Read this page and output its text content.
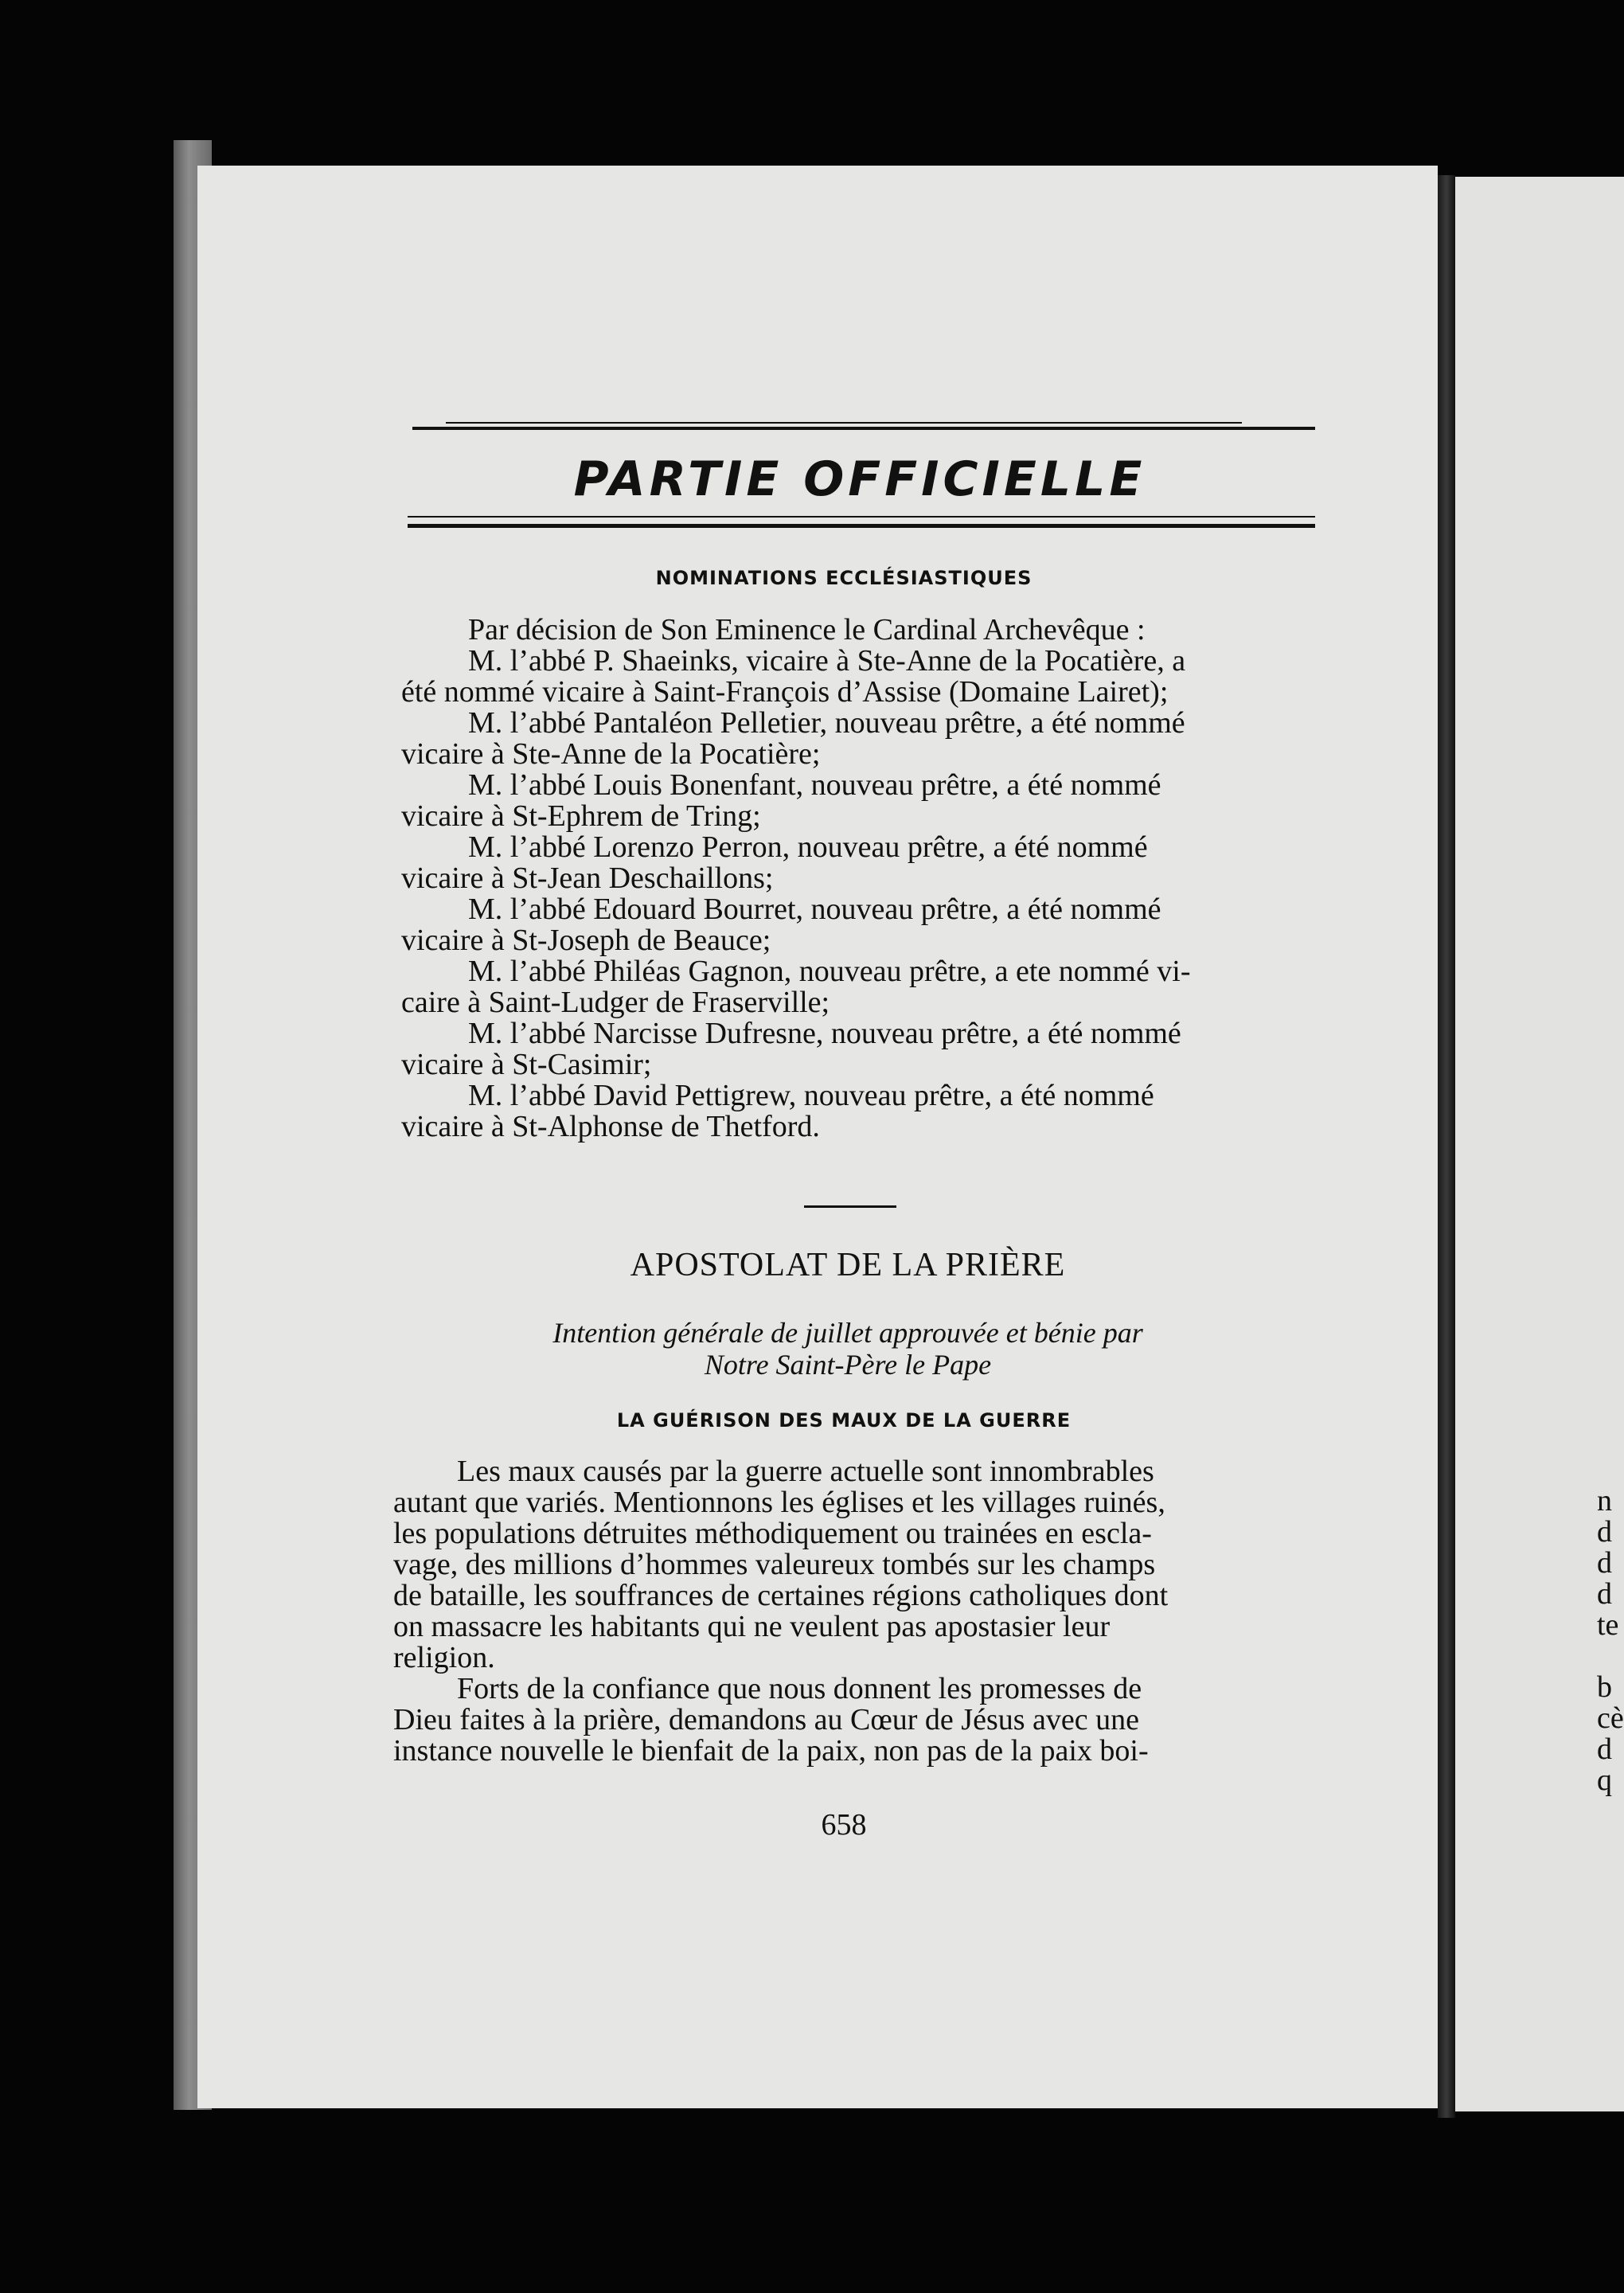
PARTIE OFFICIELLE
NOMINATIONS ECCLÉSIASTIQUES
Par décision de Son Eminence le Cardinal Archevêque :
M. l’abbé P. Shaeinks, vicaire à Ste-Anne de la Pocatière, a
été nommé vicaire à Saint-François d’Assise (Domaine Lairet);
M. l’abbé Pantaléon Pelletier, nouveau prêtre, a été nommé
vicaire à Ste-Anne de la Pocatière;
M. l’abbé Louis Bonenfant, nouveau prêtre, a été nommé
vicaire à St-Ephrem de Tring;
M. l’abbé Lorenzo Perron, nouveau prêtre, a été nommé
vicaire à St-Jean Deschaillons;
M. l’abbé Edouard Bourret, nouveau prêtre, a été nommé
vicaire à St-Joseph de Beauce;
M. l’abbé Philéas Gagnon, nouveau prêtre, a ete nommé vi-
caire à Saint-Ludger de Fraserville;
M. l’abbé Narcisse Dufresne, nouveau prêtre, a été nommé
vicaire à St-Casimir;
M. l’abbé David Pettigrew, nouveau prêtre, a été nommé
vicaire à St-Alphonse de Thetford.
APOSTOLAT DE LA PRIÈRE
Intention générale de juillet approuvée et bénie par
Notre Saint-Père le Pape
LA GUÉRISON DES MAUX DE LA GUERRE
Les maux causés par la guerre actuelle sont innombrables
autant que variés. Mentionnons les églises et les villages ruinés,
les populations détruites méthodiquement ou trainées en escla-
vage, des millions d’hommes valeureux tombés sur les champs
de bataille, les souffrances de certaines régions catholiques dont
on massacre les habitants qui ne veulent pas apostasier leur
religion.
Forts de la confiance que nous donnent les promesses de
Dieu faites à la prière, demandons au Cœur de Jésus avec une
instance nouvelle le bienfait de la paix, non pas de la paix boi-
658
n
d
d
d
te
b
cè
d
q
